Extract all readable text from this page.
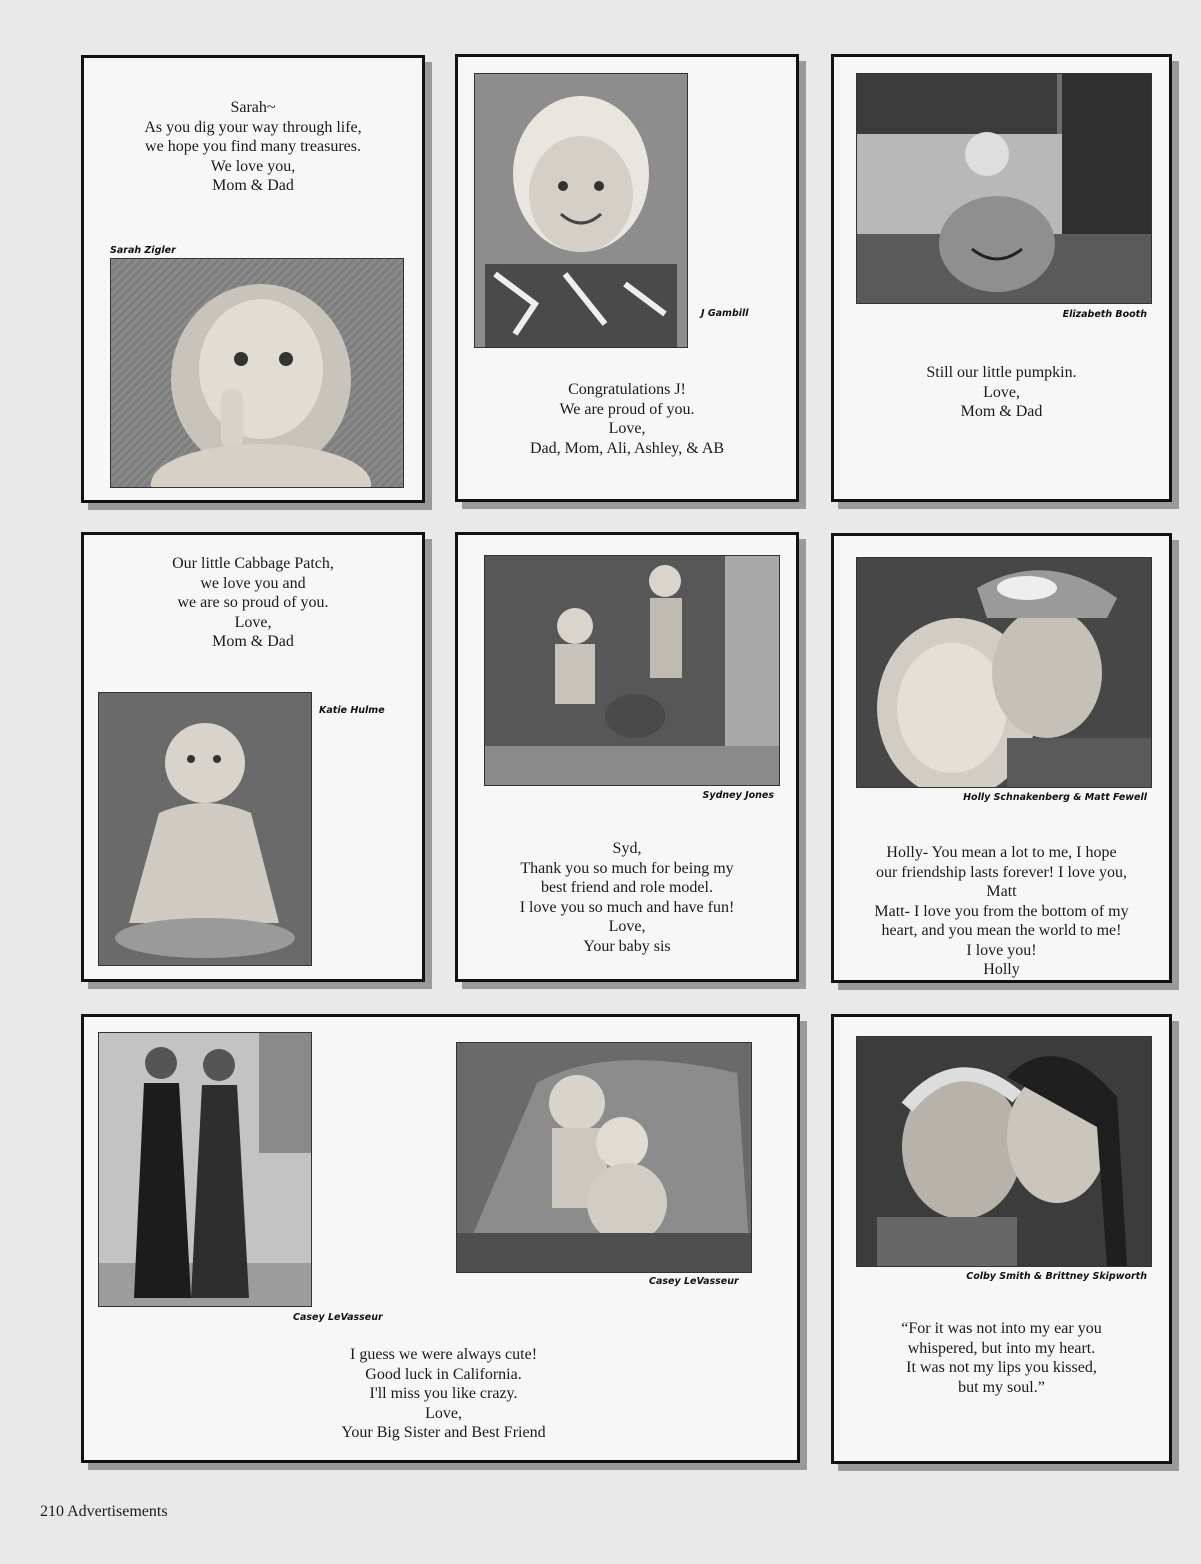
Sarah~
As you dig your way through life,
we hope you find many treasures.
We love you,
Mom & Dad
Sarah Zigler
J Gambill
Congratulations J!
We are proud of you.
Love,
Dad, Mom, Ali, Ashley, & AB
Elizabeth Booth
Still our little pumpkin.
Love,
Mom & Dad
Our little Cabbage Patch,
we love you and
we are so proud of you.
Love,
Mom & Dad
Katie Hulme
Sydney Jones
Syd,
Thank you so much for being my
best friend and role model.
I love you so much and have fun!
Love,
Your baby sis
Holly Schnakenberg & Matt Fewell
Holly- You mean a lot to me, I hope
our friendship lasts forever! I love you,
Matt
Matt- I love you from the bottom of my
heart, and you mean the world to me!
I love you!
Holly
Casey LeVasseur
Casey LeVasseur
I guess we were always cute!
Good luck in California.
I'll miss you like crazy.
Love,
Your Big Sister and Best Friend
Colby Smith & Brittney Skipworth
“For it was not into my ear you
whispered, but into my heart.
It was not my lips you kissed,
but my soul.”
210 Advertisements
